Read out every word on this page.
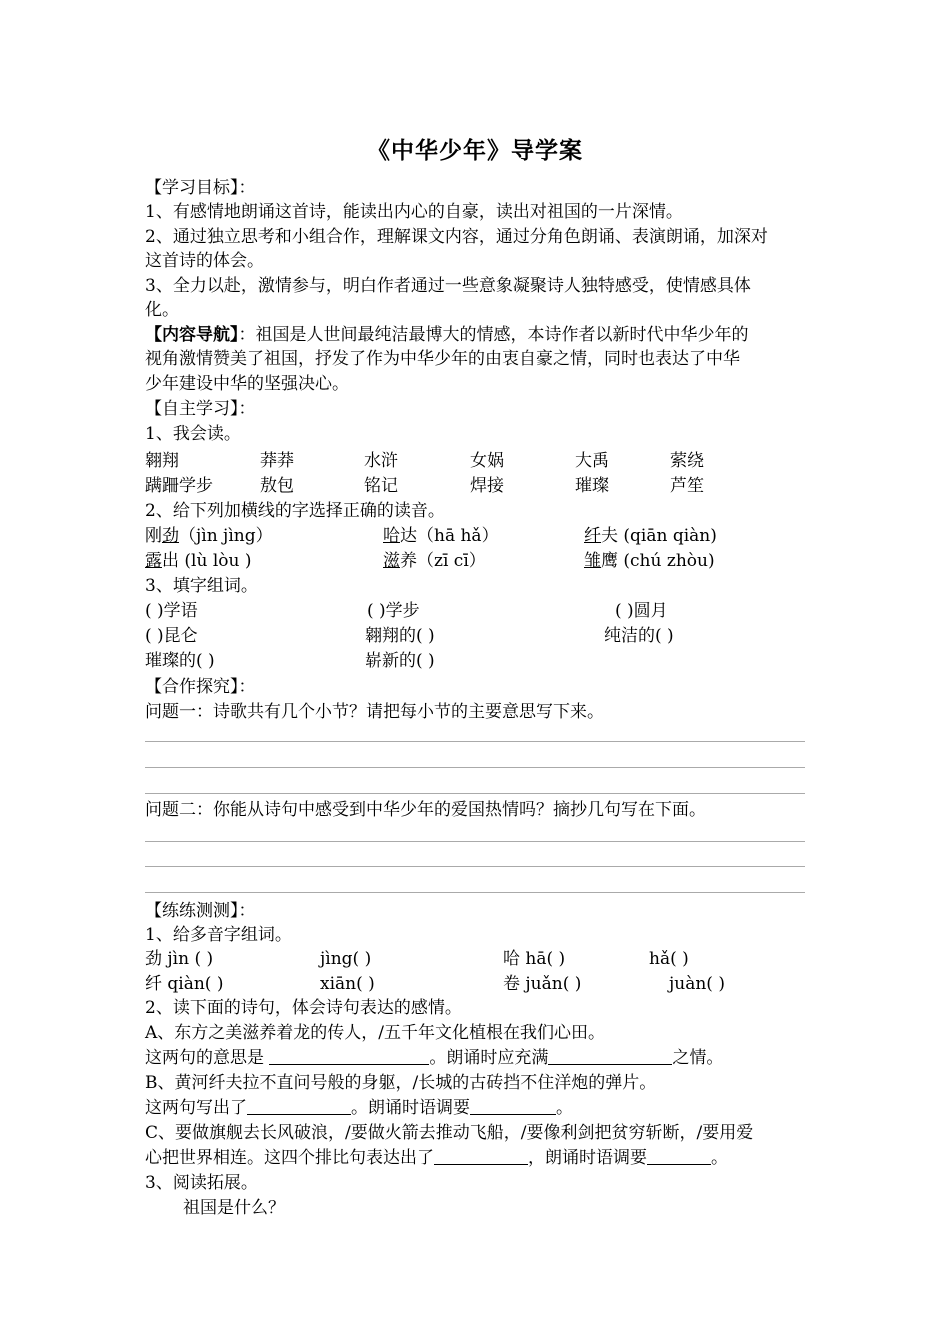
《中华少年》导学案
【学习目标】：
1、有感情地朗诵这首诗，能读出内心的自豪，读出对祖国的一片深情。
2、通过独立思考和小组合作，理解课文内容，通过分角色朗诵、表演朗诵，加深对
这首诗的体会。
3、全力以赴，激情参与，明白作者通过一些意象凝聚诗人独特感受，使情感具体
化。
【内容导航】：祖国是人世间最纯洁最博大的情感，本诗作者以新时代中华少年的
视角激情赞美了祖国，抒发了作为中华少年的由衷自豪之情，同时也表达了中华
少年建设中华的坚强决心。
【自主学习】：
1、我会读。
翱翔	莽莽	水浒	女娲	大禹	萦绕
蹒跚学步	敖包	铭记	焊接	璀璨	芦笙
2、给下列加横线的字选择正确的读音。
刚劲（jìn jìng）	哈达（hā hǎ）	纤夫 (qiān qiàn)
露出 (lù lòu )	滋养（zī cī）	雏鹰 (chú zhòu)
3、填字组词。
( )学语	( )学步	( )圆月
( )昆仑	翱翔的( )	纯洁的( )
璀璨的( )	崭新的( )
【合作探究】：
问题一：诗歌共有几个小节？请把每小节的主要意思写下来。
问题二：你能从诗句中感受到中华少年的爱国热情吗？摘抄几句写在下面。
【练练测测】：
1、给多音字组词。
劲 jìn ( )	jìng( )	哈 hā( )	hǎ( )
纤 qiàn( )	xiān( )	卷 juǎn( )	juàn( )
2、读下面的诗句，体会诗句表达的感情。
A、东方之美滋养着龙的传人，/五千年文化植根在我们心田。
这两句的意思是	。朗诵时应充满	之情。
B、黄河纤夫拉不直问号般的身躯，/长城的古砖挡不住洋炮的弹片。
这两句写出了	。朗诵时语调要	。
C、要做旗舰去长风破浪，/要做火箭去推动飞船，/要像利剑把贫穷斩断，/要用爱
心把世界相连。这四个排比句表达出了	，朗诵时语调要	。
3、阅读拓展。
祖国是什么？
